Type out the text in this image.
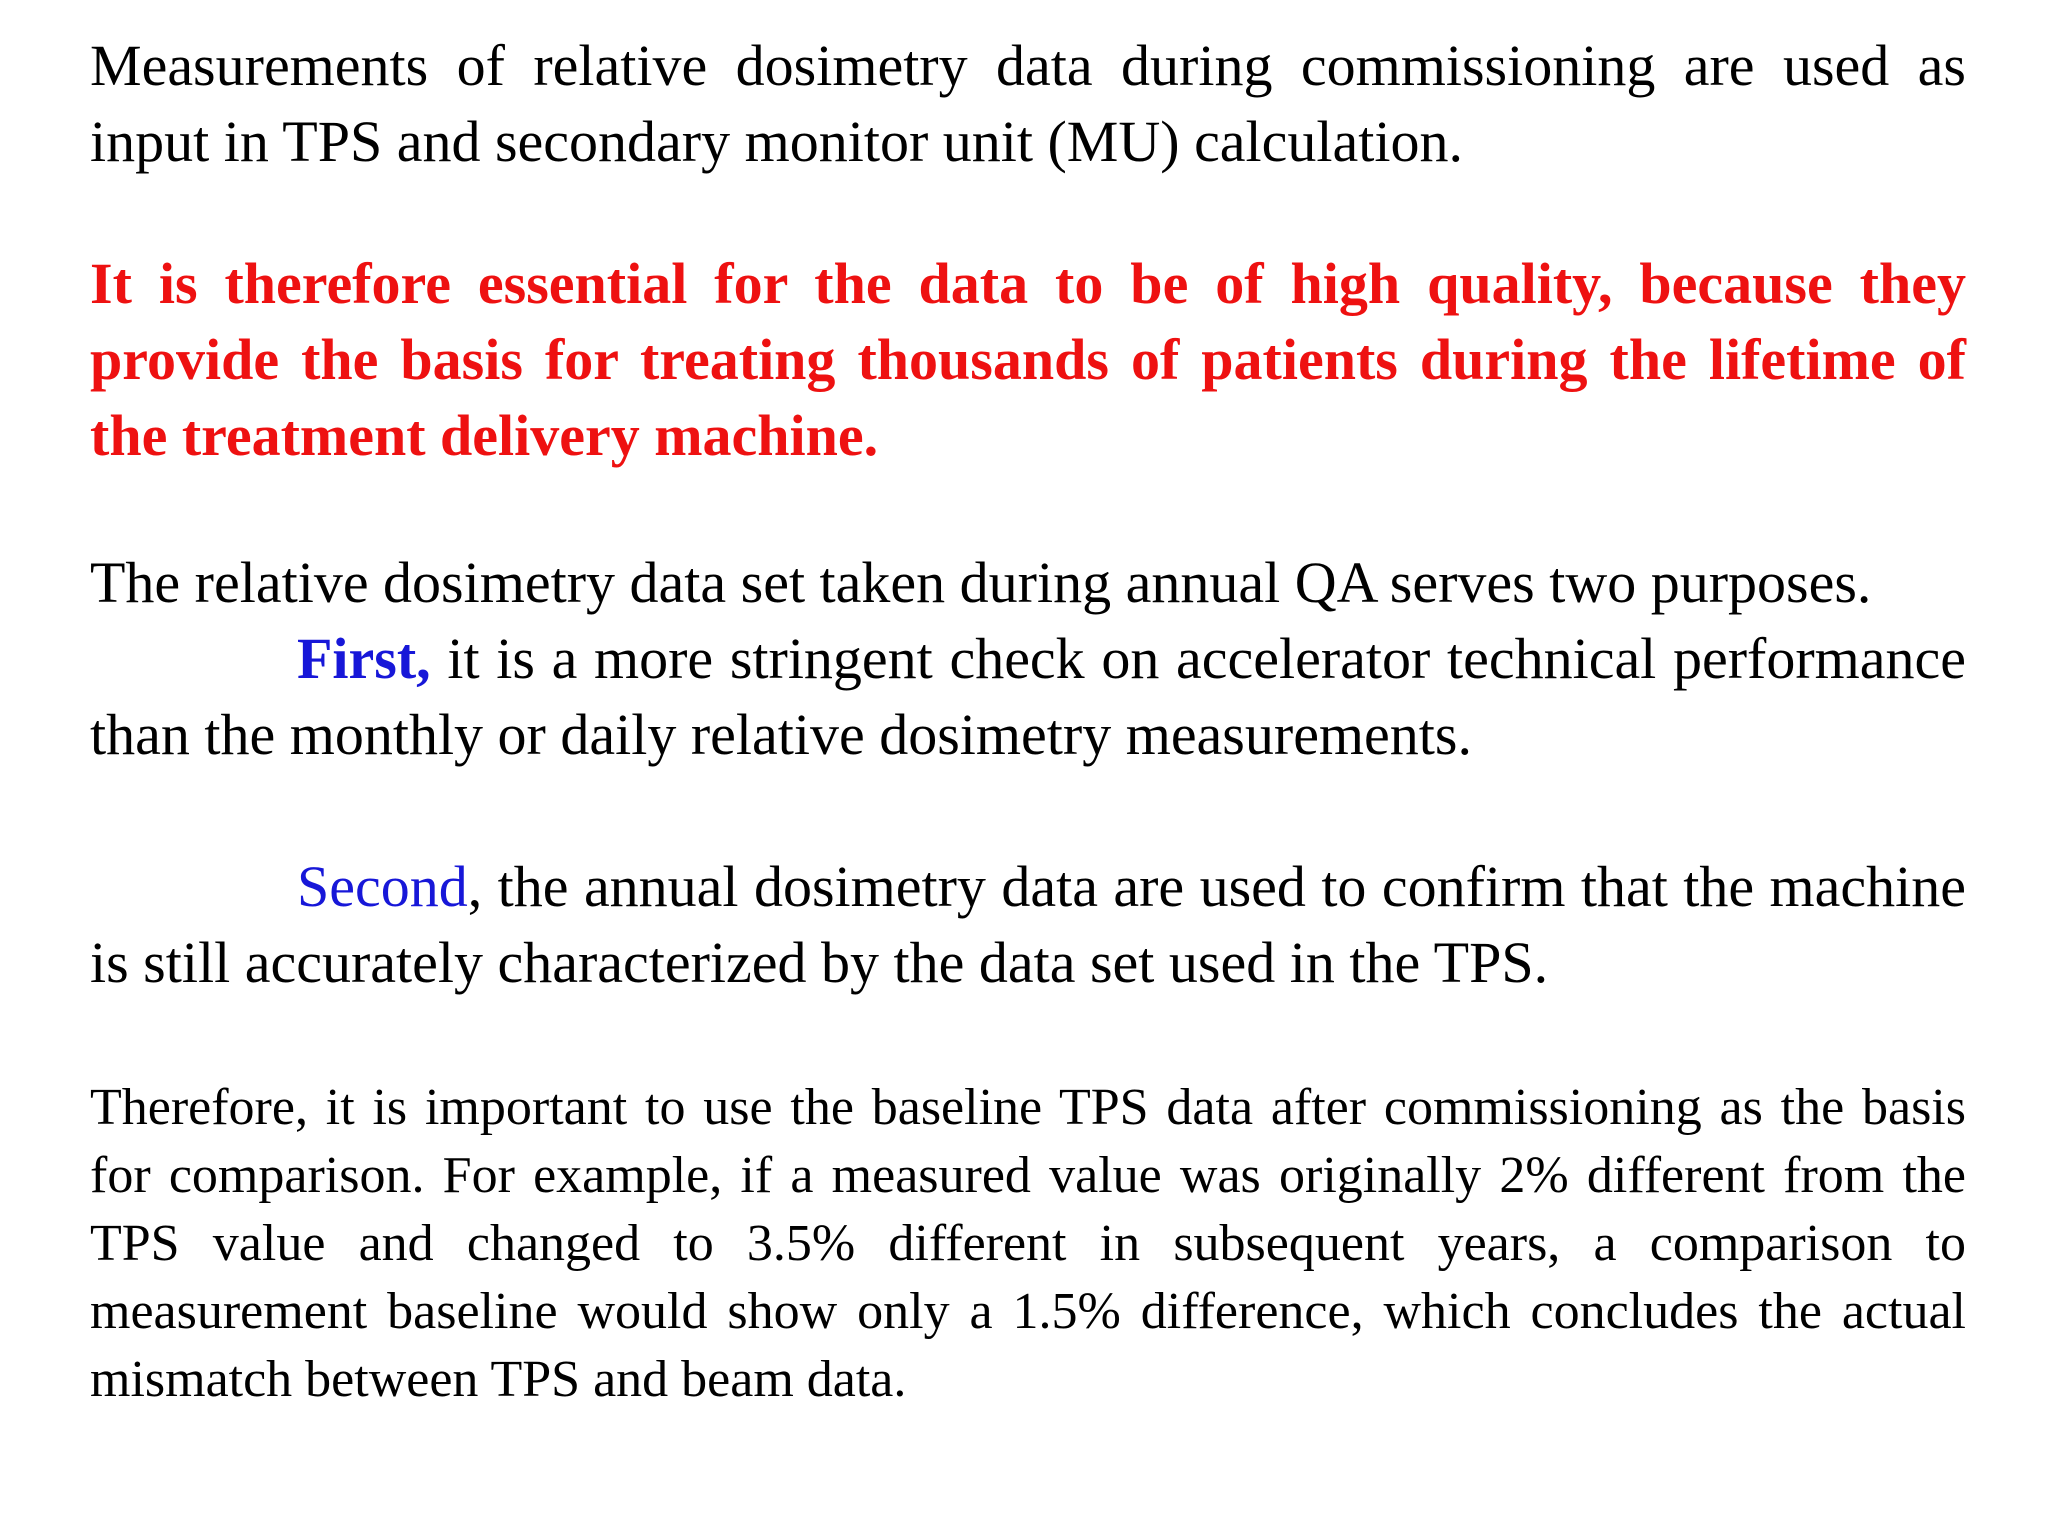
Measurements of relative dosimetry data during commissioning are used as input in TPS and secondary monitor unit (MU) calculation.

It is therefore essential for the data to be of high quality, because they provide the basis for treating thousands of patients during the lifetime of the treatment delivery machine.

The relative dosimetry data set taken during annual QA serves two purposes.

First, it is a more stringent check on accelerator technical performance than the monthly or daily relative dosimetry measurements.

Second, the annual dosimetry data are used to confirm that the machine is still accurately characterized by the data set used in the TPS.

Therefore, it is important to use the baseline TPS data after commissioning as the basis for comparison. For example, if a measured value was originally 2% different from the TPS value and changed to 3.5% different in subsequent years, a comparison to measurement baseline would show only a 1.5% difference, which concludes the actual mismatch between TPS and beam data.
